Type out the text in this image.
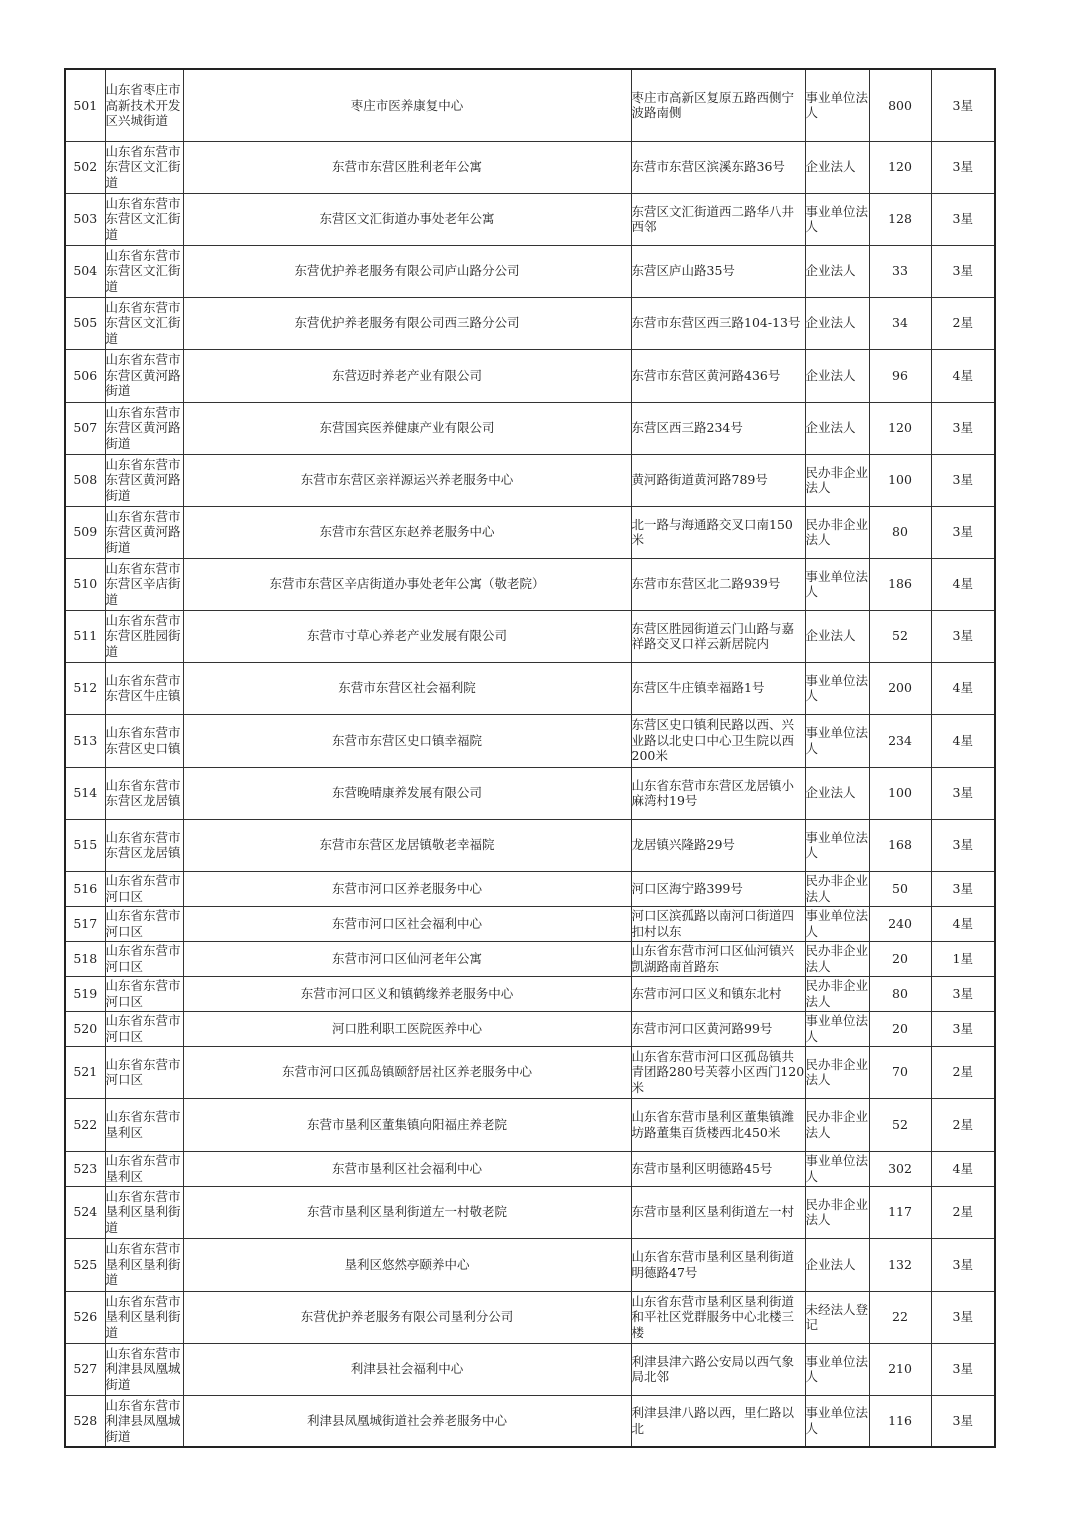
501	山东省枣庄市高新技术开发区兴城街道	枣庄市医养康复中心	枣庄市高新区复原五路西侧宁波路南侧	事业单位法人	800	3星
502	山东省东营市东营区文汇街道	东营市东营区胜利老年公寓	东营市东营区滨溪东路36号	企业法人	120	3星
503	山东省东营市东营区文汇街道	东营区文汇街道办事处老年公寓	东营区文汇街道西二路华八井西邻	事业单位法人	128	3星
504	山东省东营市东营区文汇街道	东营优护养老服务有限公司庐山路分公司	东营区庐山路35号	企业法人	33	3星
505	山东省东营市东营区文汇街道	东营优护养老服务有限公司西三路分公司	东营市东营区西三路104-13号	企业法人	34	2星
506	山东省东营市东营区黄河路街道	东营迈时养老产业有限公司	东营市东营区黄河路436号	企业法人	96	4星
507	山东省东营市东营区黄河路街道	东营国宾医养健康产业有限公司	东营区西三路234号	企业法人	120	3星
508	山东省东营市东营区黄河路街道	东营市东营区亲祥源运兴养老服务中心	黄河路街道黄河路789号	民办非企业法人	100	3星
509	山东省东营市东营区黄河路街道	东营市东营区东赵养老服务中心	北一路与海通路交叉口南150米	民办非企业法人	80	3星
510	山东省东营市东营区辛店街道	东营市东营区辛店街道办事处老年公寓（敬老院）	东营市东营区北二路939号	事业单位法人	186	4星
511	山东省东营市东营区胜园街道	东营市寸草心养老产业发展有限公司	东营区胜园街道云门山路与嘉祥路交叉口祥云新居院内	企业法人	52	3星
512	山东省东营市东营区牛庄镇	东营市东营区社会福利院	东营区牛庄镇幸福路1号	事业单位法人	200	4星
513	山东省东营市东营区史口镇	东营市东营区史口镇幸福院	东营区史口镇利民路以西、兴业路以北史口中心卫生院以西200米	事业单位法人	234	4星
514	山东省东营市东营区龙居镇	东营晚晴康养发展有限公司	山东省东营市东营区龙居镇小麻湾村19号	企业法人	100	3星
515	山东省东营市东营区龙居镇	东营市东营区龙居镇敬老幸福院	龙居镇兴隆路29号	事业单位法人	168	3星
516	山东省东营市河口区	东营市河口区养老服务中心	河口区海宁路399号	民办非企业法人	50	3星
517	山东省东营市河口区	东营市河口区社会福利中心	河口区滨孤路以南河口街道四扣村以东	事业单位法人	240	4星
518	山东省东营市河口区	东营市河口区仙河老年公寓	山东省东营市河口区仙河镇兴凯湖路南首路东	民办非企业法人	20	1星
519	山东省东营市河口区	东营市河口区义和镇鹤缘养老服务中心	东营市河口区义和镇东北村	民办非企业法人	80	3星
520	山东省东营市河口区	河口胜利职工医院医养中心	东营市河口区黄河路99号	事业单位法人	20	3星
521	山东省东营市河口区	东营市河口区孤岛镇颐舒居社区养老服务中心	山东省东营市河口区孤岛镇共青团路280号芙蓉小区西门120米	民办非企业法人	70	2星
522	山东省东营市垦利区	东营市垦利区董集镇向阳福庄养老院	山东省东营市垦利区董集镇潍坊路董集百货楼西北450米	民办非企业法人	52	2星
523	山东省东营市垦利区	东营市垦利区社会福利中心	东营市垦利区明德路45号	事业单位法人	302	4星
524	山东省东营市垦利区垦利街道	东营市垦利区垦利街道左一村敬老院	东营市垦利区垦利街道左一村	民办非企业法人	117	2星
525	山东省东营市垦利区垦利街道	垦利区悠然亭颐养中心	山东省东营市垦利区垦利街道明德路47号	企业法人	132	3星
526	山东省东营市垦利区垦利街道	东营优护养老服务有限公司垦利分公司	山东省东营市垦利区垦利街道和平社区党群服务中心北楼三楼	未经法人登记	22	3星
527	山东省东营市利津县凤凰城街道	利津县社会福利中心	利津县津六路公安局以西气象局北邻	事业单位法人	210	3星
528	山东省东营市利津县凤凰城街道	利津县凤凰城街道社会养老服务中心	利津县津八路以西，里仁路以北	事业单位法人	116	3星
